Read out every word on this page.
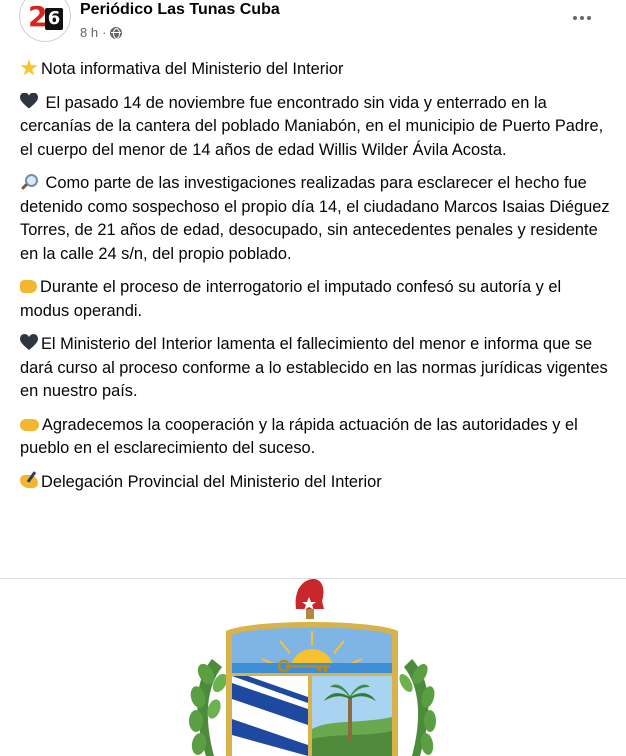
2 6 Periódico Las Tunas Cuba
8 h ·

Nota informativa del Ministerio del Interior

El pasado 14 de noviembre fue encontrado sin vida y enterrado en la cercanías de la cantera del poblado Maniabón, en el municipio de Puerto Padre, el cuerpo del menor de 14 años de edad Willis Wilder Ávila Acosta.

Como parte de las investigaciones realizadas para esclarecer el hecho fue detenido como sospechoso el propio día 14, el ciudadano Marcos Isaias Diéguez Torres, de 21 años de edad, desocupado, sin antecedentes penales y residente en la calle 24 s/n, del propio poblado.

Durante el proceso de interrogatorio el imputado confesó su autoría y el modus operandi.

El Ministerio del Interior lamenta el fallecimiento del menor e informa que se dará curso al proceso conforme a lo establecido en las normas jurídicas vigentes en nuestro país.

Agradecemos la cooperación y la rápida actuación de las autoridades y el pueblo en el esclarecimiento del suceso.

Delegación Provincial del Ministerio del Interior
